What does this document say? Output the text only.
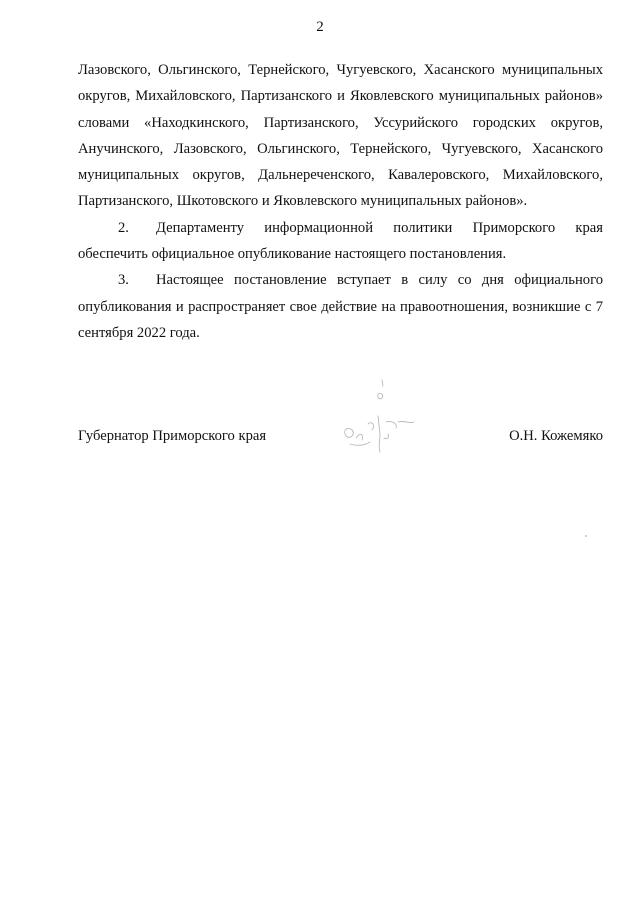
2

Лазовского, Ольгинского, Тернейского, Чугуевского, Хасанского муниципальных округов, Михайловского, Партизанского и Яковлевского муниципальных районов» словами «Находкинского, Партизанского, Уссурийского городских округов, Анучинского, Лазовского, Ольгинского, Тернейского, Чугуевского, Хасанского муниципальных округов, Дальнереченского, Кавалеровского, Михайловского, Партизанского, Шкотовского и Яковлевского муниципальных районов».

2. Департаменту информационной политики Приморского края обеспечить официальное опубликование настоящего постановления.

3. Настоящее постановление вступает в силу со дня официального опубликования и распространяет свое действие на правоотношения, возникшие с 7 сентября 2022 года.

Губернатор Приморского края	О.Н. Кожемяко
